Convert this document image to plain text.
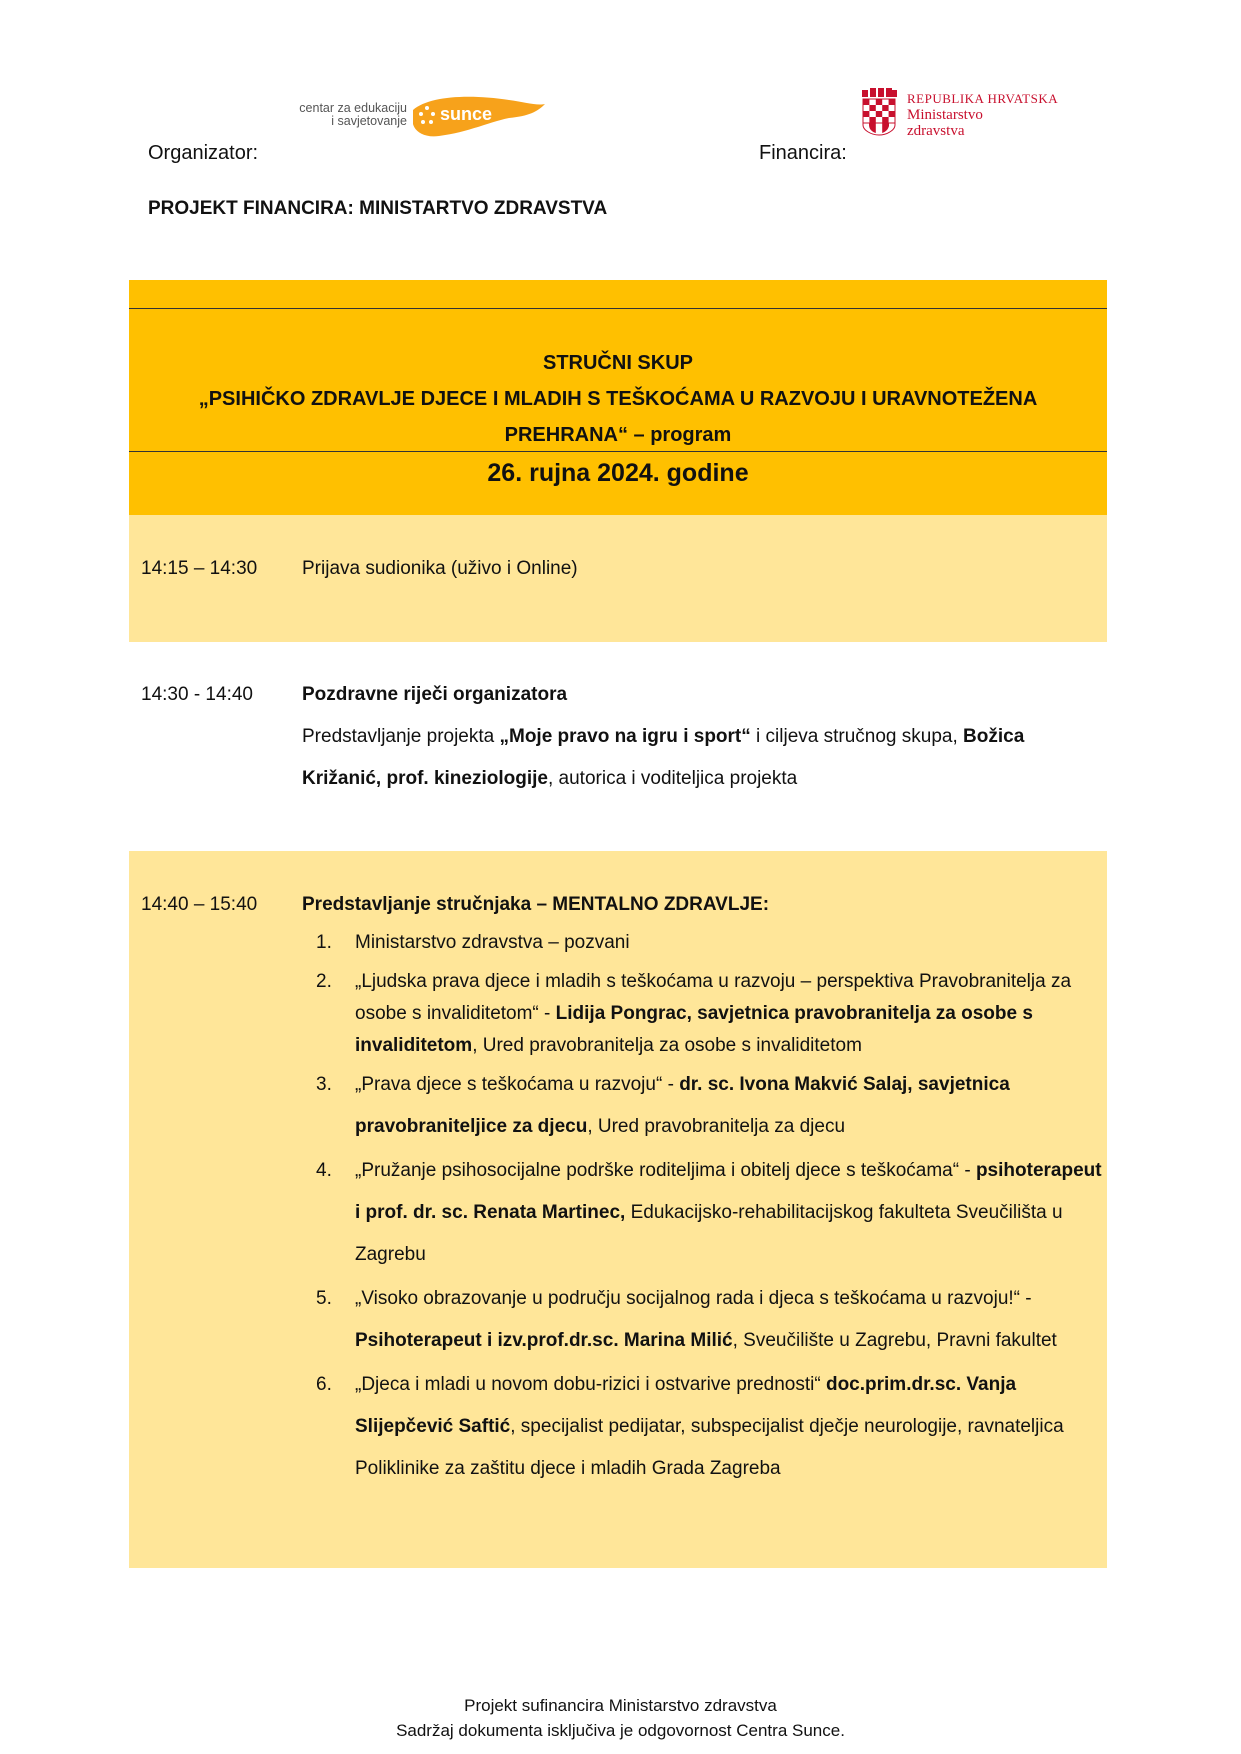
centar za edukaciju
i savjetovanje sunce
REPUBLIKA HRVATSKA
Ministarstvo
zdravstva
Organizator:	Financira:
PROJEKT FINANCIRA: MINISTARTVO ZDRAVSTVA
STRUČNI SKUP
„PSIHIČKO ZDRAVLJE DJECE I MLADIH S TEŠKOĆAMA U RAZVOJU I URAVNOTEŽENA
PREHRANA“ – program
26. rujna 2024. godine
14:15 – 14:30 Prijava sudionika (uživo i Online)
14:30 - 14:40	Pozdravne riječi organizatora
Predstavljanje projekta „Moje pravo na igru i sport“ i ciljeva stručnog skupa, Božica Križanić, prof. kineziologije, autorica i voditeljica projekta
14:40 – 15:40 Predstavljanje stručnjaka – MENTALNO ZDRAVLJE:
1. Ministarstvo zdravstva – pozvani
2. „Ljudska prava djece i mladih s teškoćama u razvoju – perspektiva Pravobranitelja za osobe s invaliditetom“ - Lidija Pongrac, savjetnica pravobranitelja za osobe s invaliditetom, Ured pravobranitelja za osobe s invaliditetom
3. „Prava djece s teškoćama u razvoju“ - dr. sc. Ivona Makvić Salaj, savjetnica pravobraniteljice za djecu, Ured pravobranitelja za djecu
4. „Pružanje psihosocijalne podrške roditeljima i obitelj djece s teškoćama“ - psihoterapeut i prof. dr. sc. Renata Martinec, Edukacijsko-rehabilitacijskog fakulteta Sveučilišta u Zagrebu
5. „Visoko obrazovanje u području socijalnog rada i djeca s teškoćama u razvoju!“ - Psihoterapeut i izv.prof.dr.sc. Marina Milić, Sveučilište u Zagrebu, Pravni fakultet
6. „Djeca i mladi u novom dobu-rizici i ostvarive prednosti“ doc.prim.dr.sc. Vanja Slijepčević Saftić, specijalist pedijatar, subspecijalist dječje neurologije, ravnateljica Poliklinike za zaštitu djece i mladih Grada Zagreba
Projekt sufinancira Ministarstvo zdravstva
Sadržaj dokumenta isključiva je odgovornost Centra Sunce.
